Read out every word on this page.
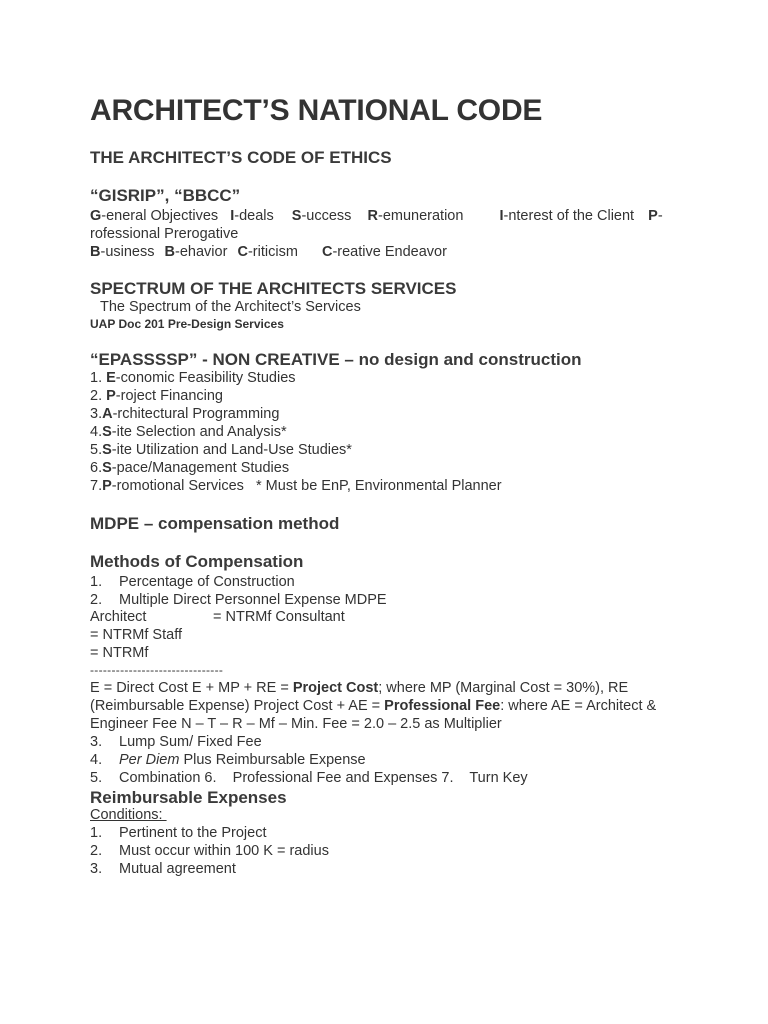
ARCHITECT’S NATIONAL CODE
THE ARCHITECT’S CODE OF ETHICS
“GISRIP”, “BBCC”
G-eneral Objectives I-deals S-uccess R-emuneration I-nterest of the Client P-
rofessional Prerogative
B-usiness B-ehavior C-riticism C-reative Endeavor
SPECTRUM OF THE ARCHITECTS SERVICES
The Spectrum of the Architect’s Services
UAP Doc 201 Pre-Design Services
“EPASSSSP” - NON CREATIVE – no design and construction
1. E-conomic Feasibility Studies
2. P-roject Financing
3.A-rchitectural Programming
4.S-ite Selection and Analysis*
5.S-ite Utilization and Land-Use Studies*
6.S-pace/Management Studies
7.P-romotional Services   * Must be EnP, Environmental Planner
MDPE – compensation method
Methods of Compensation
1. Percentage of Construction
2. Multiple Direct Personnel Expense MDPE
Architect	= NTRMf Consultant
= NTRMf Staff
= NTRMf
-------------------------------
E = Direct Cost E + MP + RE = Project Cost; where MP (Marginal Cost = 30%), RE (Reimbursable Expense) Project Cost + AE = Professional Fee: where AE = Architect & Engineer Fee N – T – R – Mf – Min. Fee = 2.0 – 2.5 as Multiplier
3. Lump Sum/ Fixed Fee
4. Per Diem Plus Reimbursable Expense
5. Combination 6.    Professional Fee and Expenses 7.    Turn Key
Reimbursable Expenses
Conditions:
1. Pertinent to the Project
2. Must occur within 100 K = radius
3. Mutual agreement
